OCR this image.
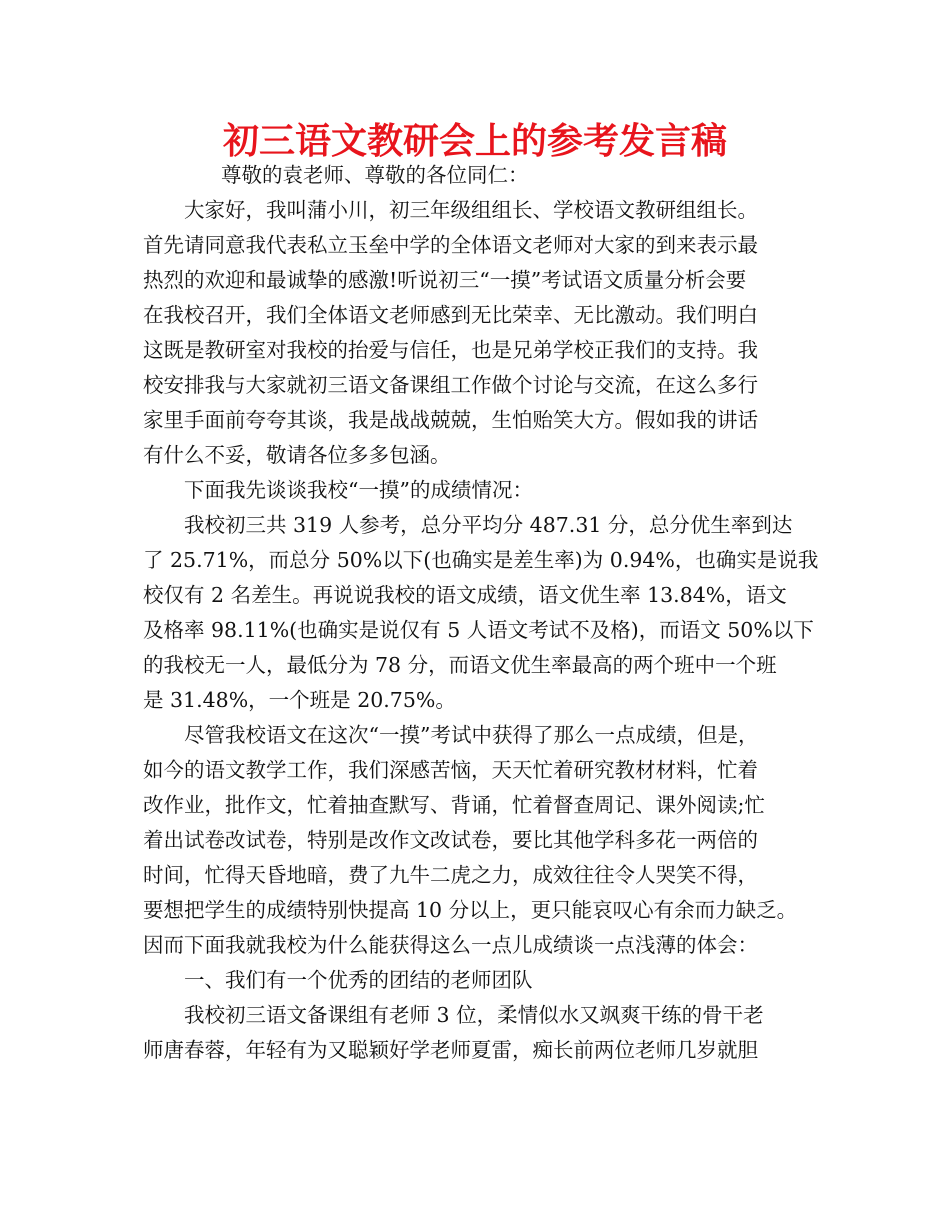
初三语文教研会上的参考发言稿
尊敬的袁老师、尊敬的各位同仁：
大家好，我叫蒲小川，初三年级组组长、学校语文教研组组长。
首先请同意我代表私立玉垒中学的全体语文老师对大家的到来表示最
热烈的欢迎和最诚挚的感激!听说初三“一摸”考试语文质量分析会要
在我校召开，我们全体语文老师感到无比荣幸、无比激动。我们明白
这既是教研室对我校的抬爱与信任，也是兄弟学校正我们的支持。我
校安排我与大家就初三语文备课组工作做个讨论与交流，在这么多行
家里手面前夸夸其谈，我是战战兢兢，生怕贻笑大方。假如我的讲话
有什么不妥，敬请各位多多包涵。
下面我先谈谈我校“一摸”的成绩情况：
我校初三共 319 人参考，总分平均分 487.31 分，总分优生率到达
了 25.71%，而总分 50%以下(也确实是差生率)为 0.94%，也确实是说我
校仅有 2 名差生。再说说我校的语文成绩，语文优生率 13.84%，语文
及格率 98.11%(也确实是说仅有 5 人语文考试不及格)，而语文 50%以下
的我校无一人，最低分为 78 分，而语文优生率最高的两个班中一个班
是 31.48%，一个班是 20.75%。
尽管我校语文在这次“一摸”考试中获得了那么一点成绩，但是，
如今的语文教学工作，我们深感苦恼，天天忙着研究教材材料，忙着
改作业，批作文，忙着抽查默写、背诵，忙着督查周记、课外阅读;忙
着出试卷改试卷，特别是改作文改试卷，要比其他学科多花一两倍的
时间，忙得天昏地暗，费了九牛二虎之力，成效往往令人哭笑不得，
要想把学生的成绩特别快提高 10 分以上，更只能哀叹心有余而力缺乏。
因而下面我就我校为什么能获得这么一点儿成绩谈一点浅薄的体会：
一、我们有一个优秀的团结的老师团队
我校初三语文备课组有老师 3 位，柔情似水又飒爽干练的骨干老
师唐春蓉，年轻有为又聪颖好学老师夏雷，痴长前两位老师几岁就胆
